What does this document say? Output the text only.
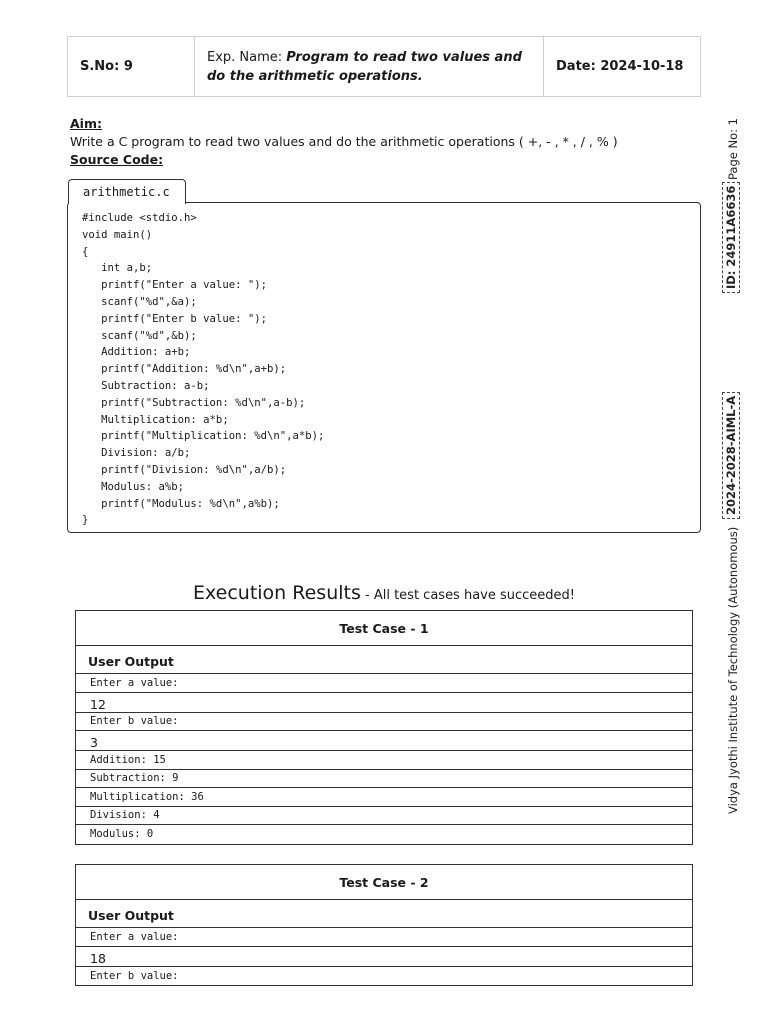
S.No: 9
Exp. Name: Program to read two values and do the arithmetic operations.
Date: 2024-10-18
Aim:
Write a C program to read two values and do the arithmetic operations ( +, - , * , / , % )
Source Code:
arithmetic.c
#include <stdio.h>
void main()
{
int a,b;
printf("Enter a value: ");
scanf("%d",&a);
printf("Enter b value: ");
scanf("%d",&b);
Addition: a+b;
printf("Addition: %d\n",a+b);
Subtraction: a-b;
printf("Subtraction: %d\n",a-b);
Multiplication: a*b;
printf("Multiplication: %d\n",a*b);
Division: a/b;
printf("Division: %d\n",a/b);
Modulus: a%b;
printf("Modulus: %d\n",a%b);
}
Page No: 1
ID: 24911A6636
2024-2028-AIML-A
Vidya Jyothi Institute of Technology (Autonomous)
Execution Results - All test cases have succeeded!
Test Case - 1
User Output
Enter a value:
12
Enter b value:
3
Addition: 15
Subtraction: 9
Multiplication: 36
Division: 4
Modulus: 0
Test Case - 2
User Output
Enter a value:
18
Enter b value:
